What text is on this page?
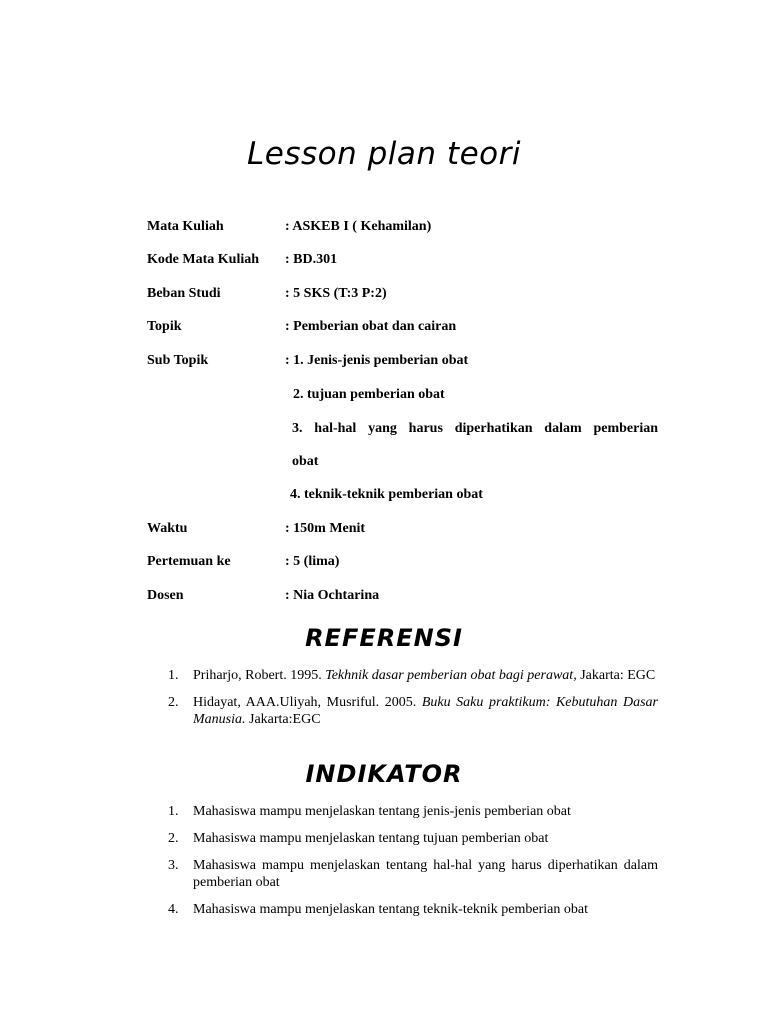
Lesson plan teori
Mata Kuliah	: ASKEB I ( Kehamilan)
Kode Mata Kuliah : BD.301
Beban Studi	: 5 SKS (T:3 P:2)
Topik	: Pemberian obat dan cairan
Sub Topik	: 1. Jenis-jenis pemberian obat
2. tujuan pemberian obat
3. hal-hal yang harus diperhatikan dalam pemberian
obat
4. teknik-teknik pemberian obat
Waktu	: 150m Menit
Pertemuan ke	: 5 (lima)
Dosen	: Nia Ochtarina
REFERENSI
1. Priharjo, Robert. 1995. Tekhnik dasar pemberian obat bagi perawat, Jakarta: EGC
2. Hidayat, AAA.Uliyah, Musriful. 2005. Buku Saku praktikum: Kebutuhan Dasar Manusia. Jakarta:EGC
INDIKATOR
1. Mahasiswa mampu menjelaskan tentang jenis-jenis pemberian obat
2. Mahasiswa mampu menjelaskan tentang tujuan pemberian obat
3. Mahasiswa mampu menjelaskan tentang hal-hal yang harus diperhatikan dalam pemberian obat
4. Mahasiswa mampu menjelaskan tentang teknik-teknik pemberian obat
